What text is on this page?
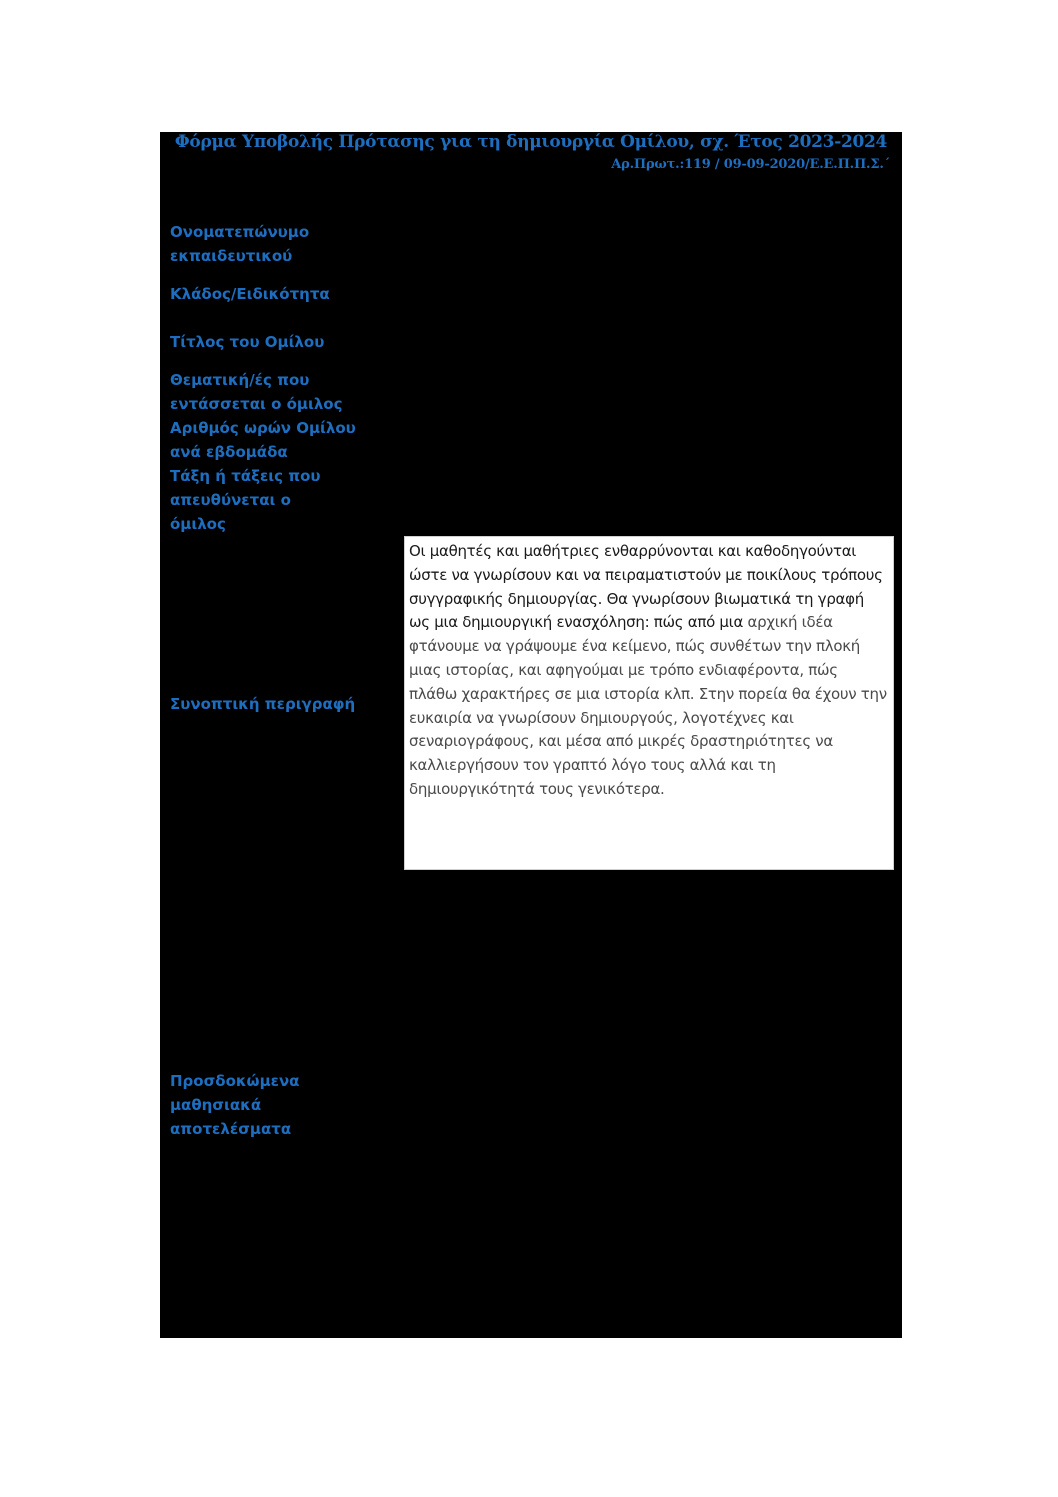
Φόρμα Υποβολής Πρότασης για τη δημιουργία Ομίλου, σχ. Έτος 2023-2024
Αρ.Πρωτ.:119 / 09-09-2020/Ε.Ε.Π.Π.Σ.΄
Ονοματεπώνυμο εκπαιδευτικού
Κλάδος/Ειδικότητα
Τίτλος του Ομίλου
Θεματική/ές που εντάσσεται ο όμιλος
Αριθμός ωρών Ομίλου ανά εβδομάδα
Τάξη ή τάξεις που απευθύνεται ο όμιλος
Συνοπτική περιγραφή
Οι μαθητές και μαθήτριες ενθαρρύνονται και καθοδηγούνται ώστε να γνωρίσουν και να πειραματιστούν με ποικίλους τρόπους συγγραφικής δημιουργίας. Θα γνωρίσουν βιωματικά τη γραφή ως μια δημιουργική ενασχόληση: πώς από μια αρχική ιδέα φτάνουμε να γράψουμε ένα κείμενο, πώς συνθέτων την πλοκή μιας ιστορίας, και αφηγούμαι με τρόπο ενδιαφέροντα, πώς πλάθω χαρακτήρες σε μια ιστορία κλπ. Στην πορεία θα έχουν την ευκαιρία να γνωρίσουν δημιουργούς, λογοτέχνες και σεναριογράφους, και μέσα από μικρές δραστηριότητες να καλλιεργήσουν τον γραπτό λόγο τους αλλά και τη δημιουργικότητά τους γενικότερα.
Προσδοκώμενα μαθησιακά αποτελέσματα
